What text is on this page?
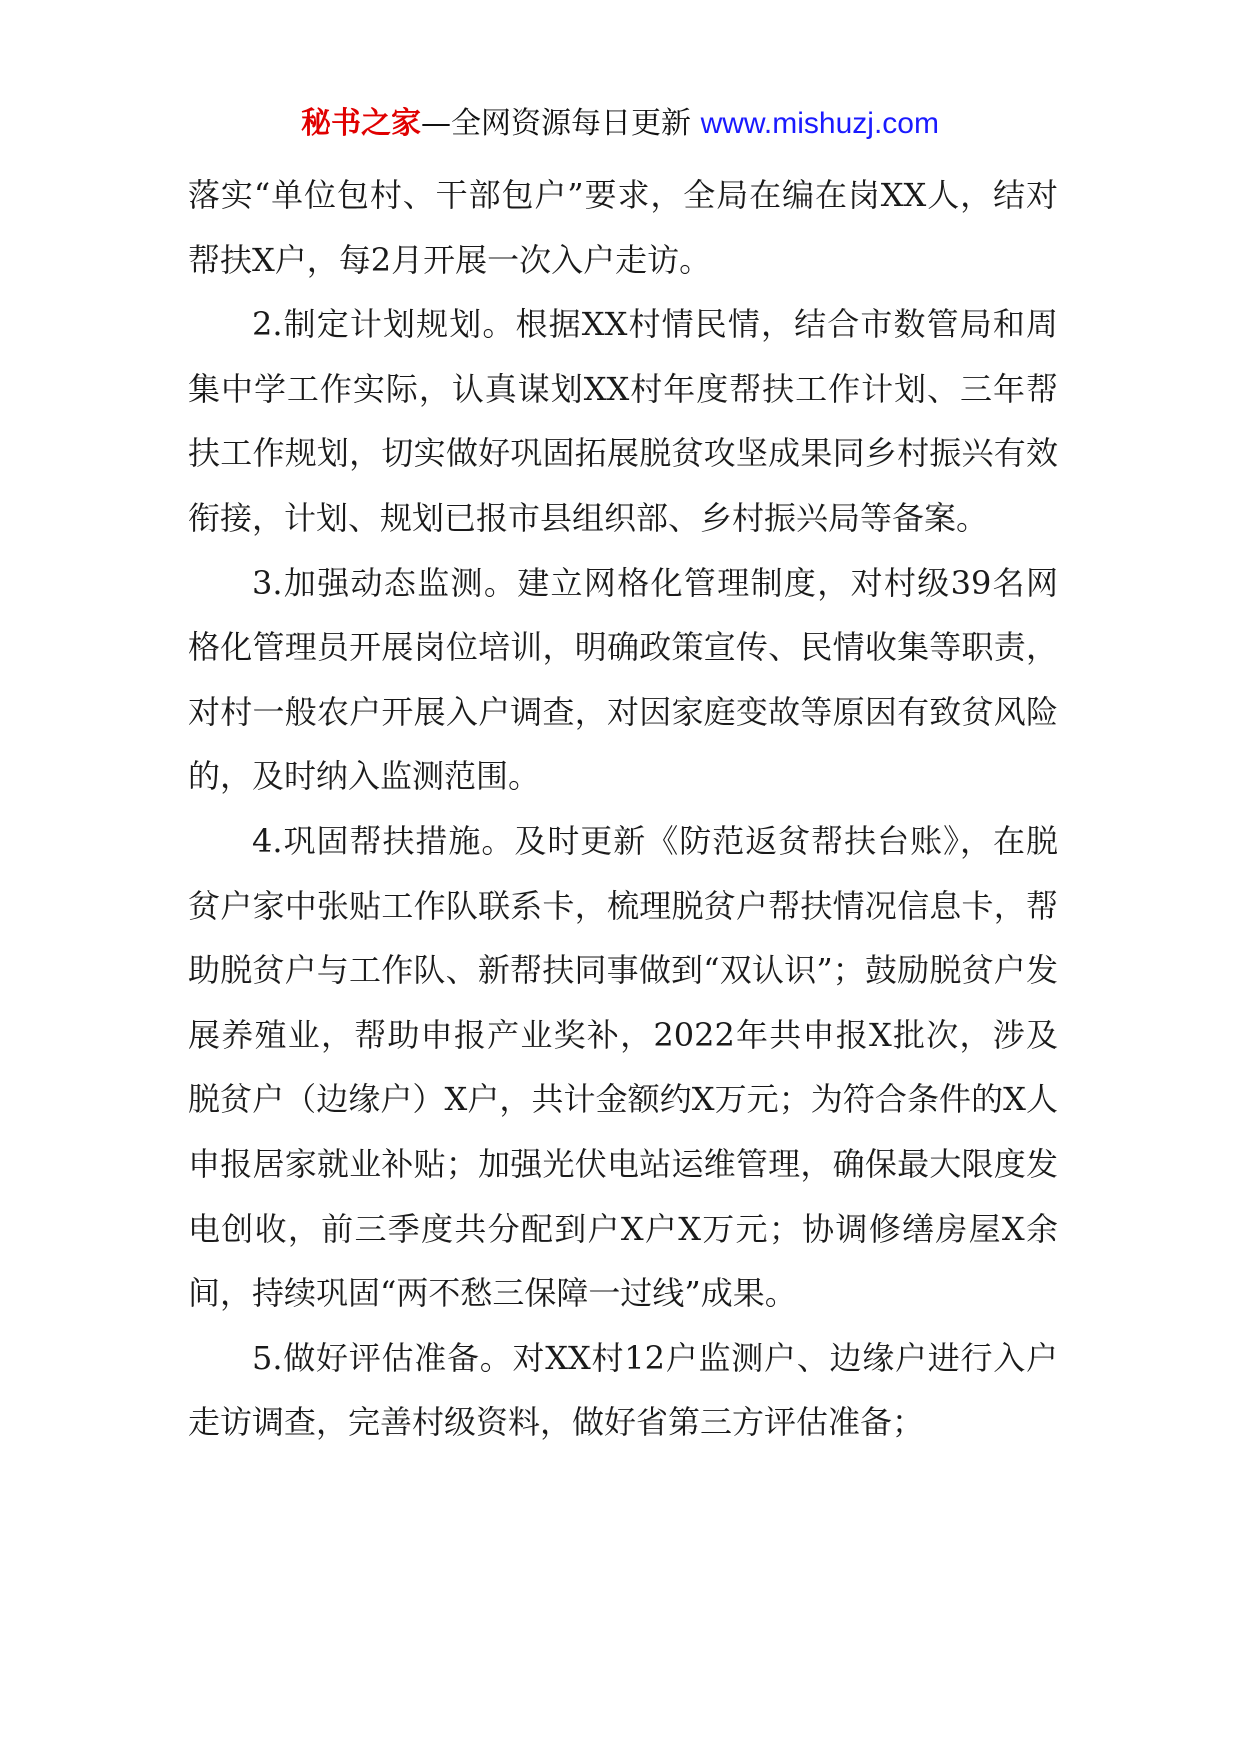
秘书之家—全网资源每日更新 www.mishuzj.com

落实“单位包村、干部包户”要求，全局在编在岗XX人，结对帮扶X户，每2月开展一次入户走访。

2.制定计划规划。根据XX村情民情，结合市数管局和周集中学工作实际，认真谋划XX村年度帮扶工作计划、三年帮扶工作规划，切实做好巩固拓展脱贫攻坚成果同乡村振兴有效衔接，计划、规划已报市县组织部、乡村振兴局等备案。

3.加强动态监测。建立网格化管理制度，对村级39名网格化管理员开展岗位培训，明确政策宣传、民情收集等职责，对村一般农户开展入户调查，对因家庭变故等原因有致贫风险的，及时纳入监测范围。

4.巩固帮扶措施。及时更新《防范返贫帮扶台账》，在脱贫户家中张贴工作队联系卡，梳理脱贫户帮扶情况信息卡，帮助脱贫户与工作队、新帮扶同事做到“双认识”；鼓励脱贫户发展养殖业，帮助申报产业奖补，2022年共申报X批次，涉及脱贫户（边缘户）X户，共计金额约X万元；为符合条件的X人申报居家就业补贴；加强光伏电站运维管理，确保最大限度发电创收，前三季度共分配到户X户X万元；协调修缮房屋X余间，持续巩固“两不愁三保障一过线”成果。

5.做好评估准备。对XX村12户监测户、边缘户进行入户走访调查，完善村级资料，做好省第三方评估准备；
